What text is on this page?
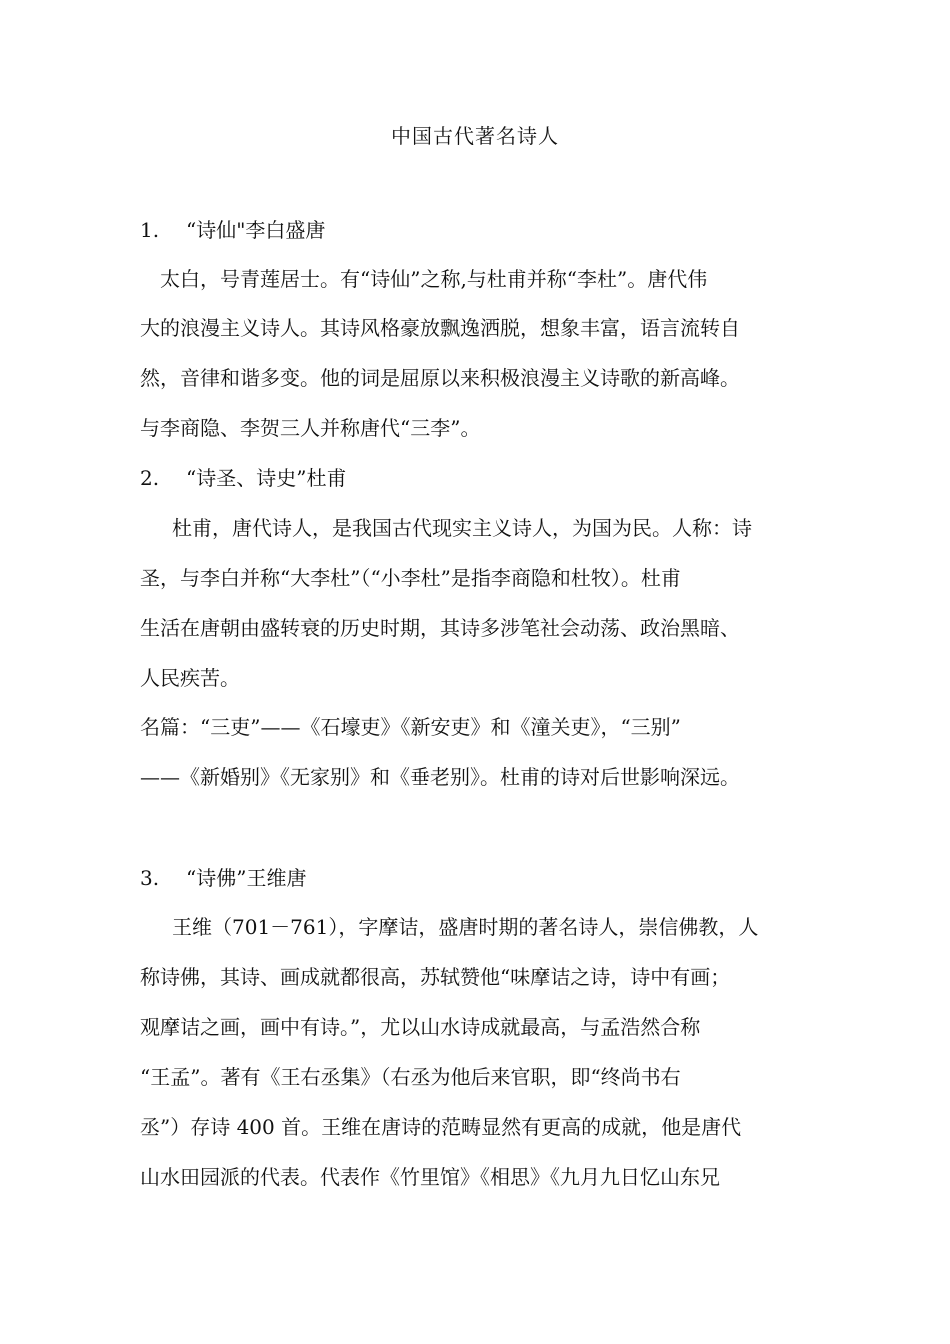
中国古代著名诗人
1. “诗仙"李白盛唐
太白，号青莲居士。有“诗仙”之称,与杜甫并称“李杜”。唐代伟
大的浪漫主义诗人。其诗风格豪放飘逸洒脱，想象丰富，语言流转自
然，音律和谐多变。他的词是屈原以来积极浪漫主义诗歌的新高峰。
与李商隐、李贺三人并称唐代“三李”。
2. “诗圣、诗史”杜甫
杜甫，唐代诗人，是我国古代现实主义诗人，为国为民。人称：诗
圣，与李白并称“大李杜”（“小李杜”是指李商隐和杜牧）。杜甫
生活在唐朝由盛转衰的历史时期，其诗多涉笔社会动荡、政治黑暗、
人民疾苦。
名篇：“三吏”——《石壕吏》《新安吏》和《潼关吏》，“三别”
——《新婚别》《无家别》和《垂老别》。杜甫的诗对后世影响深远。
3. “诗佛”王维唐
王维（701－761），字摩诘，盛唐时期的著名诗人，崇信佛教，人
称诗佛，其诗、画成就都很高，苏轼赞他“味摩诘之诗，诗中有画；
观摩诘之画，画中有诗。”，尤以山水诗成就最高，与孟浩然合称
“王孟”。著有《王右丞集》（右丞为他后来官职，即“终尚书右
丞”）存诗 400 首。王维在唐诗的范畴显然有更高的成就，他是唐代
山水田园派的代表。代表作《竹里馆》《相思》《九月九日忆山东兄
